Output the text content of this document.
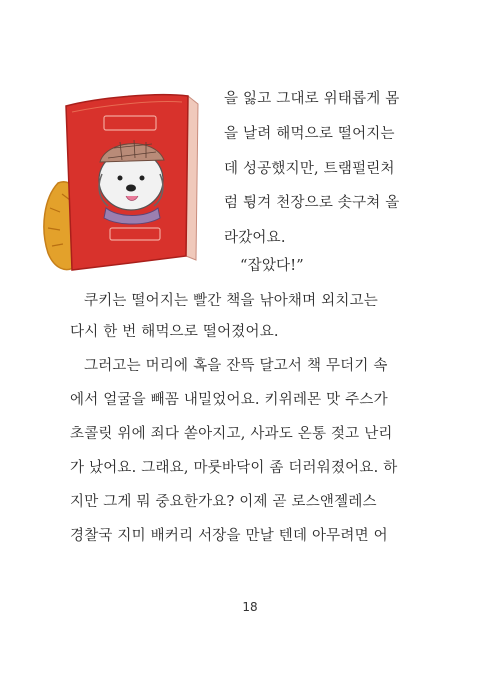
을 잃고 그대로 위태롭게 몸
을 날려 해먹으로 떨어지는
데 성공했지만, 트램펄린처
럼 튕겨 천장으로 솟구쳐 올
라갔어요.
“잡았다!”
쿠키는 떨어지는 빨간 책을 낚아채며 외치고는
다시 한 번 해먹으로 떨어졌어요.
그러고는 머리에 혹을 잔뜩 달고서 책 무더기 속
에서 얼굴을 빼꼼 내밀었어요. 키위레몬 맛 주스가
초콜릿 위에 죄다 쏟아지고, 사과도 온통 젖고 난리
가 났어요. 그래요, 마룻바닥이 좀 더러워졌어요. 하
지만 그게 뭐 중요한가요? 이제 곧 로스앤젤레스
경찰국 지미 배커리 서장을 만날 텐데 아무려면 어
18
